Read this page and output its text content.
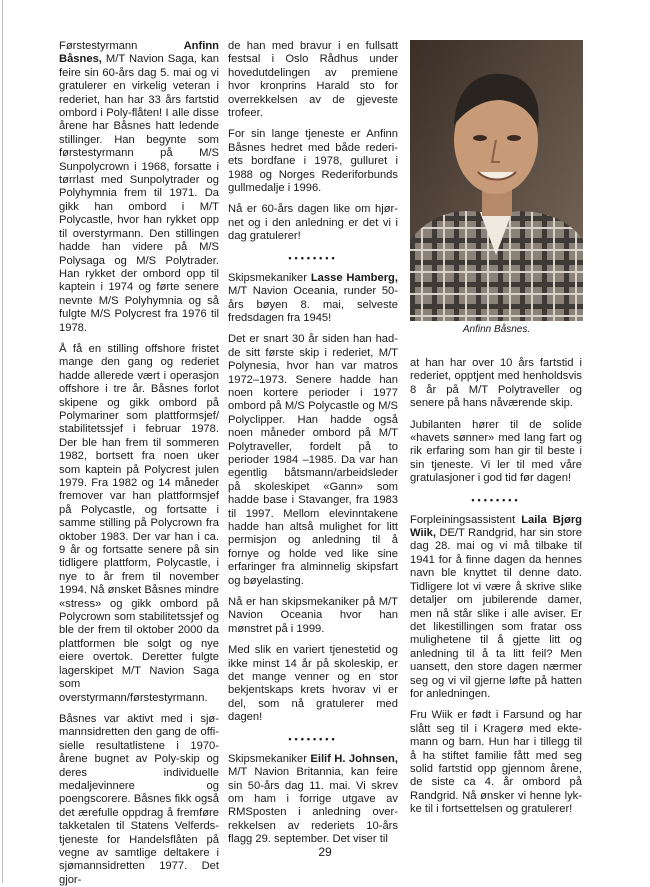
Førstestyrmann Anfinn Båsnes, M/T Navion Saga, kan feire sin 60-års dag 5. mai og vi gratulerer en virkelig veteran i rederiet, han har 33 års fartstid ombord i Poly-flåten! I alle disse årene har Båsnes hatt ledende stillinger. Han begynte som førstestyrmann på M/S Sunpolycrown i 1968, forsatte i tørrlast med Sunpolytrader og Polyhymnia frem til 1971. Da gikk han ombord i M/T Polycastle, hvor han rykket opp til overstyrmann. Den stillingen hadde han videre på M/S Polysaga og M/S Polytrader. Han rykket der ombord opp til kaptein i 1974 og førte senere nevnte M/S Polyhymnia og så fulgte M/S Polycrest fra 1976 til 1978.

Å få en stilling offshore fristet mange den gang og rederiet hadde allerede vært i operasjon offshore i tre år. Båsnes forlot skipene og gikk ombord på Polymariner som plattformsjef/ stabilitetssjef i februar 1978. Der ble han frem til sommeren 1982, bortsett fra noen uker som kaptein på Polycrest julen 1979. Fra 1982 og 14 måneder fremover var han plattformsjef på Polycastle, og fortsatte i samme stilling på Polycrown fra oktober 1983. Der var han i ca. 9 år og fortsatte senere på sin tidligere plattform, Polycastle, i nye to år frem til november 1994. Nå ønsket Båsnes mindre «stress» og gikk ombord på Polycrown som stabilitetssjef og ble der frem til oktober 2000 da plattformen ble solgt og nye eiere overtok. Deretter fulgte lagerskipet M/T Navion Saga som overstyrmann/førstestyrmann.

Båsnes var aktivt med i sjømannsidretten den gang de offisielle resultatlistene i 1970-årene bugnet av Poly-skip og deres individuelle medaljevinnere og poengscorere. Båsnes fikk også det ærefulle oppdrag å fremføre takketalen til Statens Velferdstjeneste for Handelsflåten på vegne av samtlige deltakere i sjømannsidretten 1977. Det gjor-

de han med bravur i en fullsatt festsal i Oslo Rådhus under hovedutdelingen av premiene hvor kronprins Harald sto for overrekkelsen av de gjeveste trofeer.

For sin lange tjeneste er Anfinn Båsnes hedret med både rederiets bordfane i 1978, gulluret i 1988 og Norges Rederiforbunds gullmedalje i 1996.

Nå er 60-års dagen like om hjørnet og i den anledning er det vi i dag gratulerer!

••••••••

Skipsmekaniker Lasse Hamberg, M/T Navion Oceania, runder 50-års bøyen 8. mai, selveste fredsdagen fra 1945!

Det er snart 30 år siden han hadde sitt første skip i rederiet, M/T Polynesia, hvor han var matros 1972–1973. Senere hadde han noen kortere perioder i 1977 ombord på M/S Polycastle og M/S Polyclipper. Han hadde også noen måneder ombord på M/T Polytraveller, fordelt på to perioder 1984 –1985. Da var han egentlig båtsmann/arbeidsleder på skoleskipet «Gann» som hadde base i Stavanger, fra 1983 til 1997. Mellom elevinntakene hadde han altså mulighet for litt permisjon og anledning til å fornye og holde ved like sine erfaringer fra alminnelig skipsfart og bøyelasting.

Nå er han skipsmekaniker på M/T Navion Oceania hvor han mønstret på i 1999.

Med slik en variert tjenestetid og ikke minst 14 år på skoleskip, er det mange venner og en stor bekjentskaps krets hvorav vi er del, som nå gratulerer med dagen!

••••••••

Skipsmekaniker Eilif H. Johnsen, M/T Navion Britannia, kan feire sin 50-års dag 11. mai. Vi skrev om ham i forrige utgave av RMSposten i anledning overrekkelsen av rederiets 10-års flagg 29. september. Det viser til

Anfinn Båsnes.

at han har over 10 års fartstid i rederiet, opptjent med henholdsvis 8 år på M/T Polytraveller og senere på hans nåværende skip.

Jubilanten hører til de solide «havets sønner» med lang fart og rik erfaring som han gir til beste i sin tjeneste. Vi ler til med våre gratulasjoner i god tid før dagen!

••••••••

Forpleiningsassistent Laila Bjørg Wiik, DE/T Randgrid, har sin store dag 28. mai og vi må tilbake til 1941 for å finne dagen da hennes navn ble knyttet til denne dato. Tidligere lot vi være å skrive slike detaljer om jubilerende damer, men nå står slike i alle aviser. Er det likestillingen som fratar oss mulighetene til å gjette litt og anledning til å ta litt feil? Men uansett, den store dagen nærmer seg og vi vil gjerne løfte på hatten for anledningen.

Fru Wiik er født i Farsund og har slått seg til i Kragerø med ektemann og barn. Hun har i tillegg til å ha stiftet familie fått med seg solid fartstid opp gjennom årene, de siste ca 4. år ombord på Randgrid. Nå ønsker vi henne lykke til i fortsettelsen og gratulerer!

29
